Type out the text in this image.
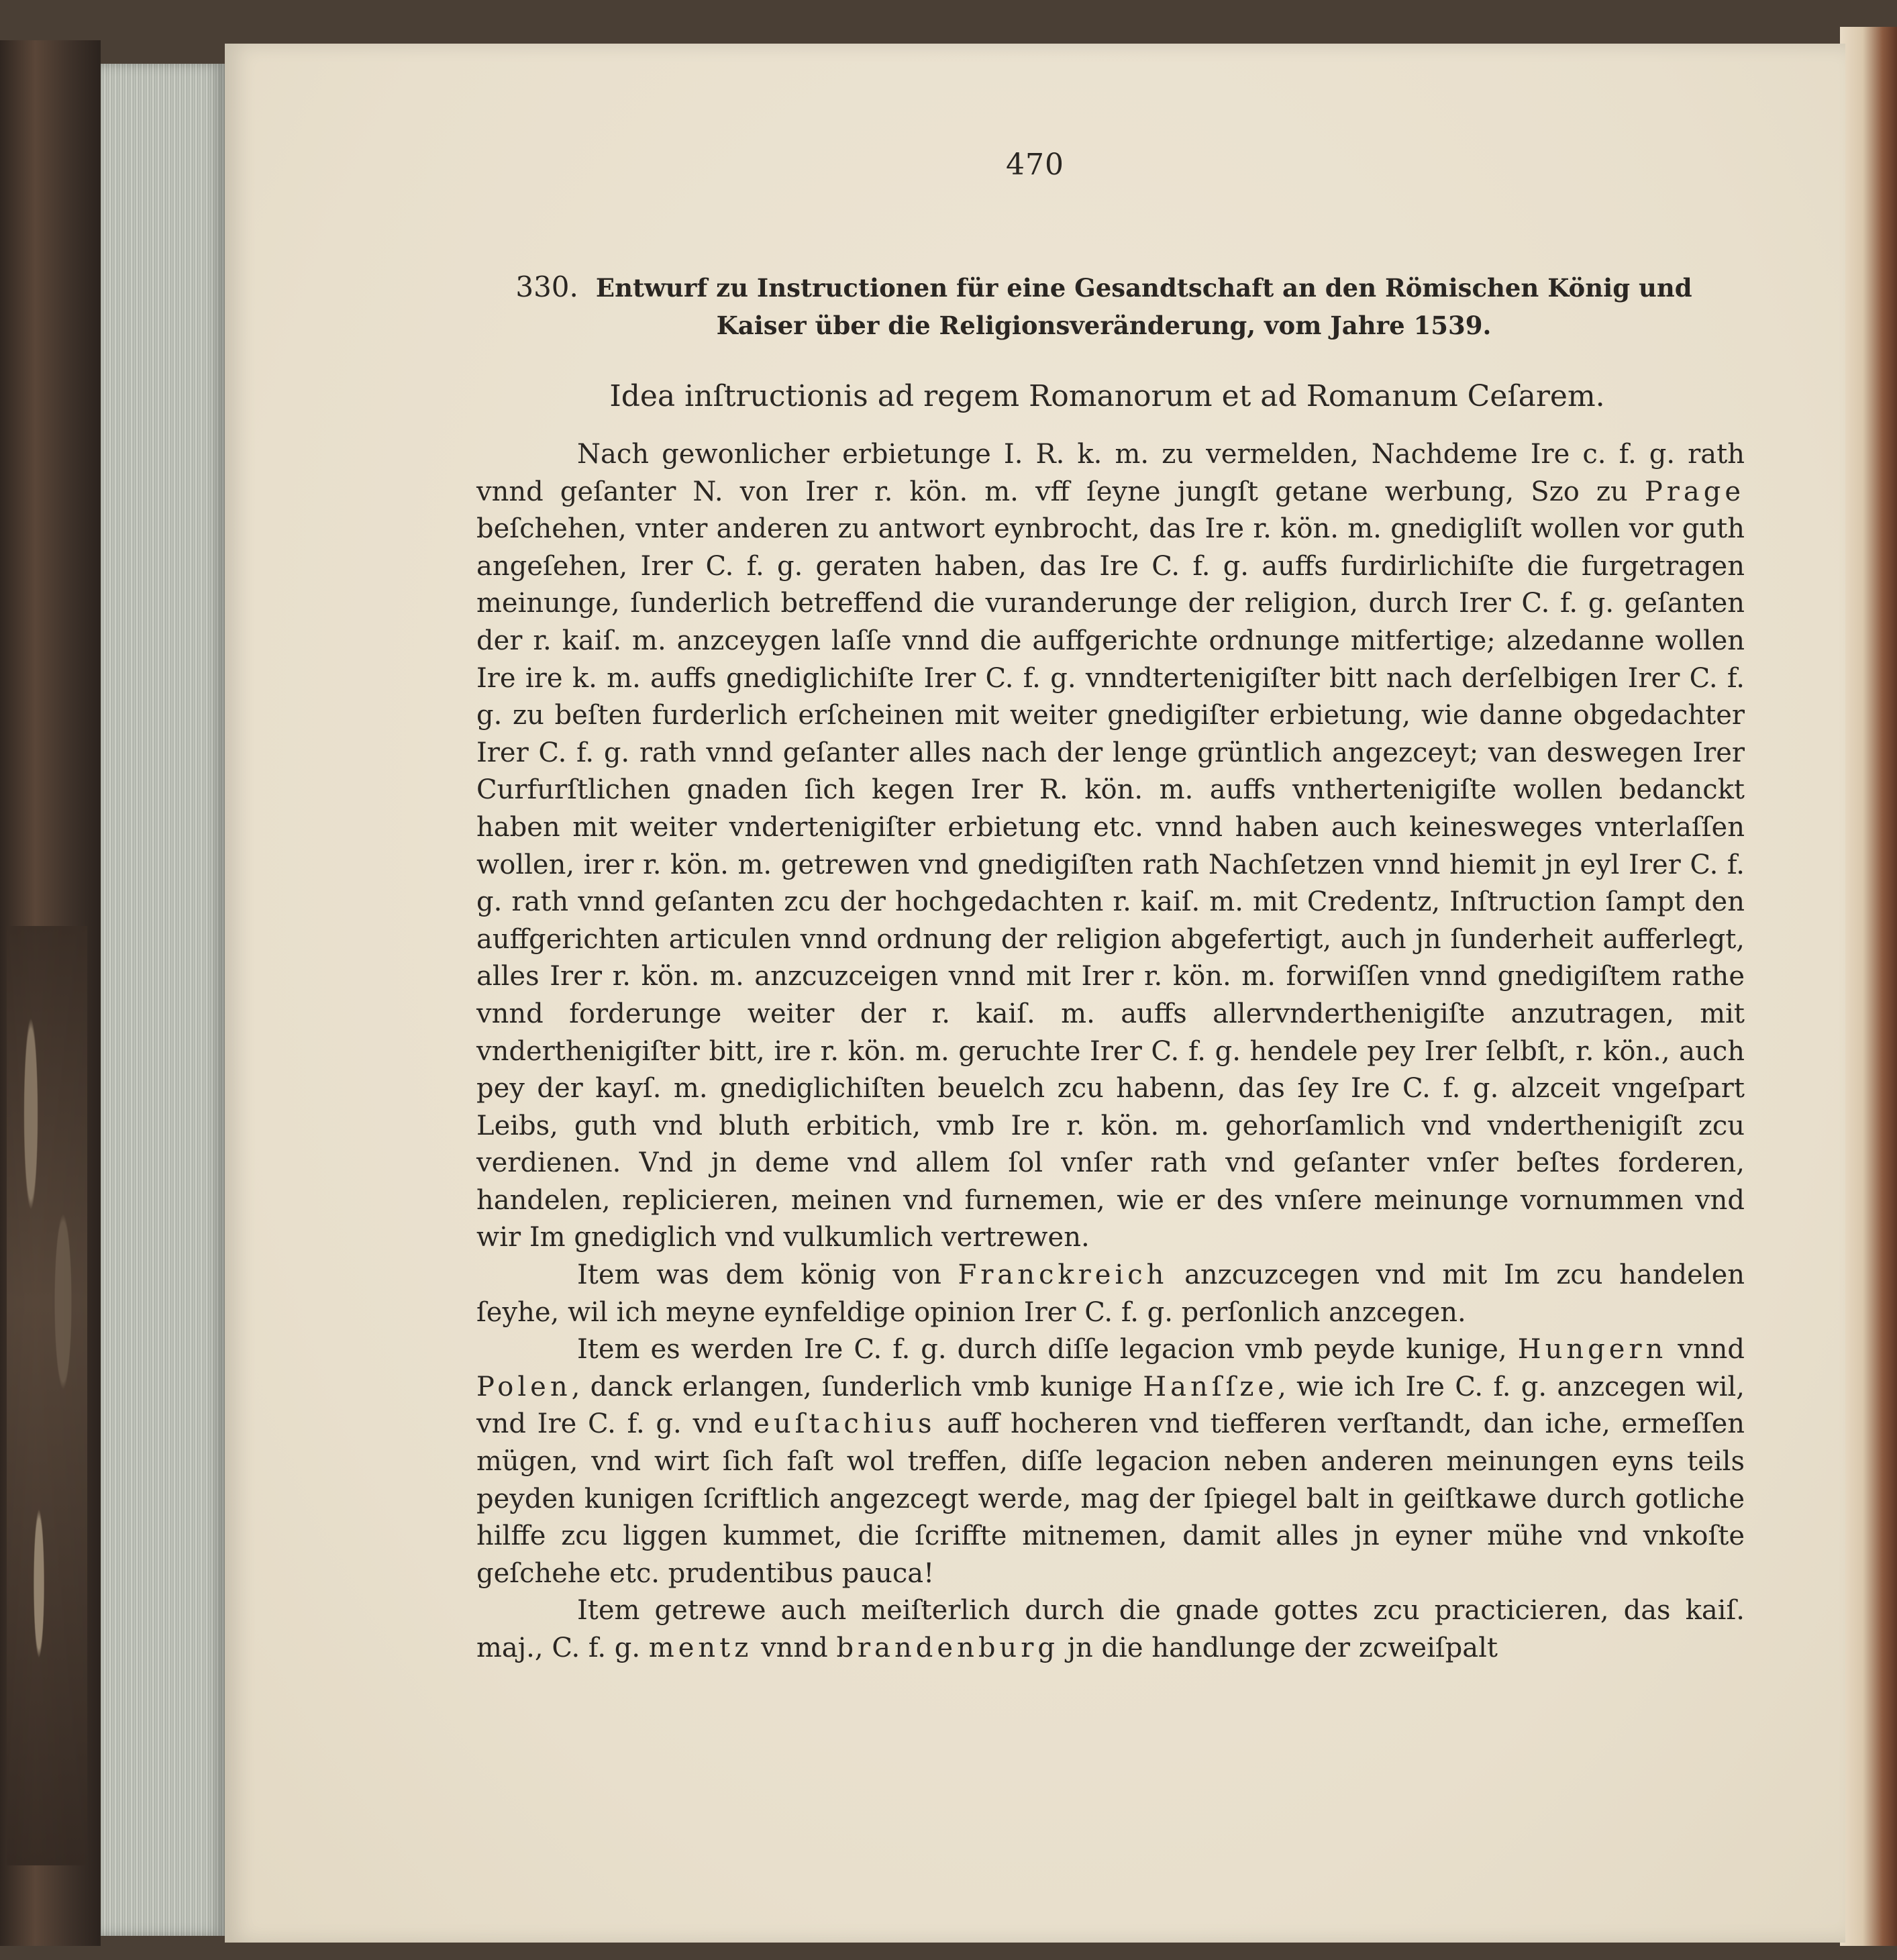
470
330. Entwurf zu Instructionen für eine Gesandtschaft an den Römischen König und Kaiser über die Religionsveränderung, vom Jahre 1539.
Idea inſtructionis ad regem Romanorum et ad Romanum Ceſarem.

Nach gewonlicher erbietunge I. R. k. m. zu vermelden, Nachdeme Ire c. f. g. rath vnnd geſanter N. von Irer r. kön. m. vff ſeyne jungſt getane werbung, Szo zu Prage beſchehen, vnter anderen zu antwort eynbrocht, das Ire r. kön. m. gnedigliſt wollen vor guth angeſehen, Irer C. f. g. geraten haben, das Ire C. f. g. auffs furdirlichiſte die furgetragen meinunge, ſunderlich betreffend die vuranderunge der religion, durch Irer C. f. g. geſanten der r. kaiſ. m. anzceygen laſſe vnnd die auffgerichte ordnunge mitfertige; alzedanne wollen Ire ire k. m. auffs gnediglichiſte Irer C. f. g. vnndtertenigiſter bitt nach derſelbigen Irer C. f. g. zu beſten furderlich erſcheinen mit weiter gnedigiſter erbietung, wie danne obgedachter Irer C. f. g. rath vnnd geſanter alles nach der lenge grüntlich angezceyt; van deswegen Irer Curfurſtlichen gnaden ſich kegen Irer R. kön. m. auffs vnthertenigiſte wollen bedanckt haben mit weiter vndertenigiſter erbietung etc. vnnd haben auch keinesweges vnterlaſſen wollen, irer r. kön. m. getrewen vnd gnedigiſten rath Nachſetzen vnnd hiemit jn eyl Irer C. f. g. rath vnnd geſanten zcu der hochgedachten r. kaiſ. m. mit Credentz, Inſtruction ſampt den auffgerichten articulen vnnd ordnung der religion abgefertigt, auch jn ſunderheit aufferlegt, alles Irer r. kön. m. anzcuzceigen vnnd mit Irer r. kön. m. forwiſſen vnnd gnedigiſtem rathe vnnd forderunge weiter der r. kaiſ. m. auffs allervnderthenigiſte anzutragen, mit vnderthenigiſter bitt, ire r. kön. m. geruchte Irer C. f. g. hendele pey Irer ſelbſt, r. kön., auch pey der kayſ. m. gnediglichiſten beuelch zcu habenn, das ſey Ire C. f. g. alzceit vngeſpart Leibs, guth vnd bluth erbitich, vmb Ire r. kön. m. gehorſamlich vnd vnderthenigiſt zcu verdienen. Vnd jn deme vnd allem ſol vnſer rath vnd geſanter vnſer beſtes forderen, handelen, replicieren, meinen vnd furnemen, wie er des vnſere meinunge vornummen vnd wir Im gnediglich vnd vulkumlich vertrewen.

Item was dem könig von Franckreich anzcuzcegen vnd mit Im zcu handelen ſeyhe, wil ich meyne eynfeldige opinion Irer C. f. g. perſonlich anzcegen.

Item es werden Ire C. f. g. durch diſſe legacion vmb peyde kunige, Hungern vnnd Polen, danck erlangen, ſunderlich vmb kunige Hanſſze, wie ich Ire C. f. g. anzcegen wil, vnd Ire C. f. g. vnd euſtachius auff hocheren vnd tiefferen verſtandt, dan iche, ermeſſen mügen, vnd wirt ſich faſt wol treffen, diſſe legacion neben anderen meinungen eyns teils peyden kunigen ſcriftlich angezcegt werde, mag der ſpiegel balt in geiſtkawe durch gotliche hilffe zcu liggen kummet, die ſcriffte mitnemen, damit alles jn eyner mühe vnd vnkoſte geſchehe etc. prudentibus pauca!

Item getrewe auch meiſterlich durch die gnade gottes zcu practicieren, das kaiſ. maj., C. f. g. mentz vnnd brandenburg jn die handlunge der zcweiſpalt
